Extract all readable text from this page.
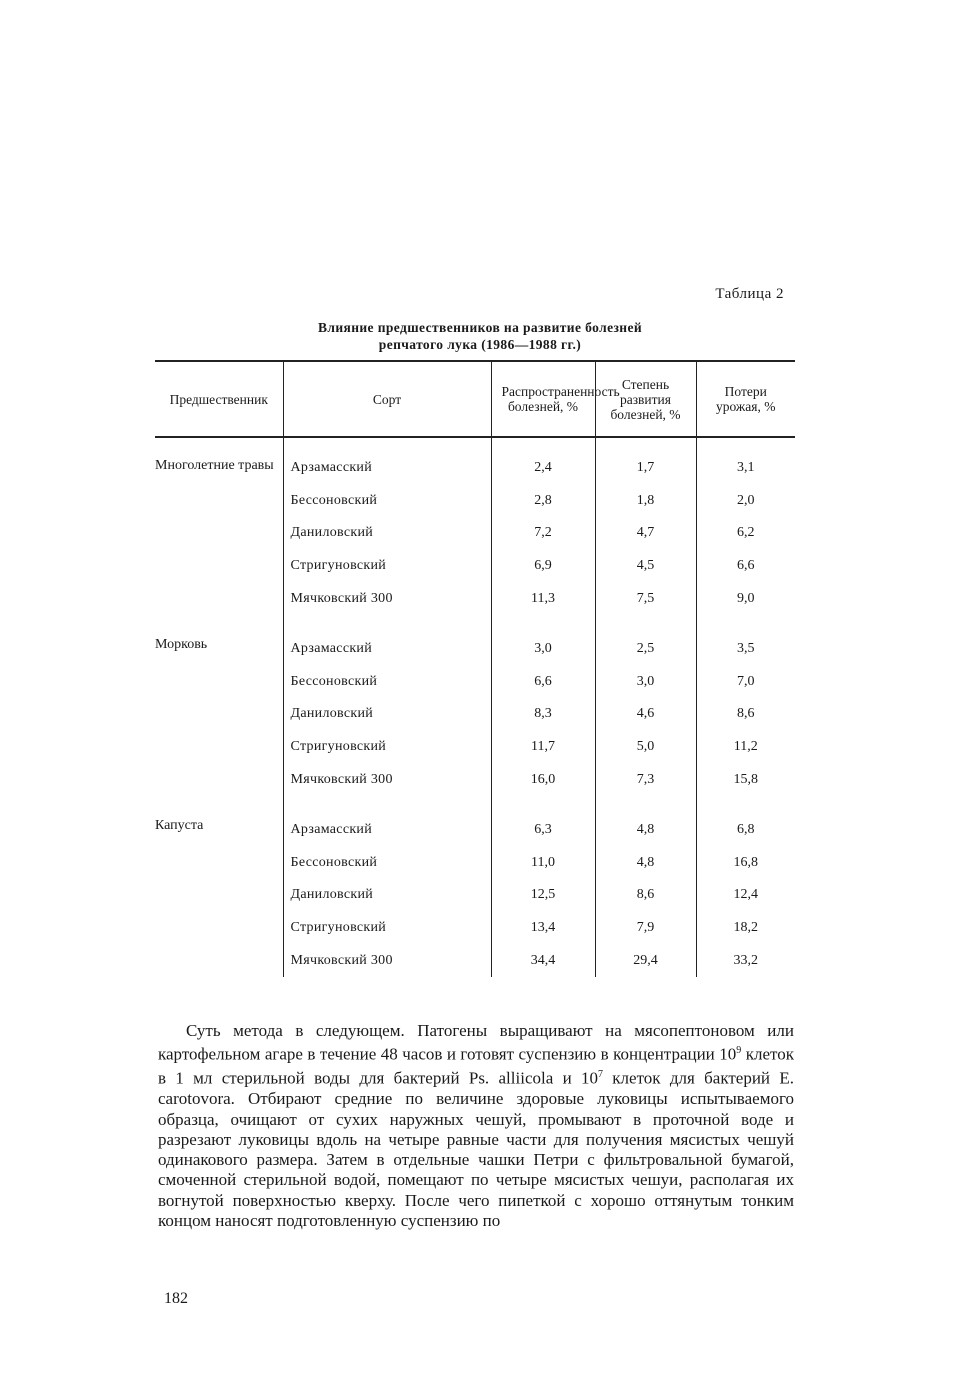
Таблица 2
Влияние предшественников на развитие болезней
репчатого лука (1986—1988 гг.)
Предшественник	Сорт	Распространенность болезней, %	Степень развития болезней, %	Потери урожая, %
Многолетние травы	Арзамасский	2,4	1,7	3,1
	Бессоновский	2,8	1,8	2,0
	Даниловский	7,2	4,7	6,2
	Стригуновский	6,9	4,5	6,6
	Мячковский 300	11,3	7,5	9,0

Морковь	Арзамасский	3,0	2,5	3,5
	Бессоновский	6,6	3,0	7,0
	Даниловский	8,3	4,6	8,6
	Стригуновский	11,7	5,0	11,2
	Мячковский 300	16,0	7,3	15,8

Капуста	Арзамасский	6,3	4,8	6,8
	Бессоновский	11,0	4,8	16,8
	Даниловский	12,5	8,6	12,4
	Стригуновский	13,4	7,9	18,2
	Мячковский 300	34,4	29,4	33,2

Суть метода в следующем. Патогены выращивают на мясопептоновом или картофельном агаре в течение 48 часов и готовят суспензию в концентрации $10^9$ клеток в 1 мл стерильной воды для бактерий Ps. alliicola и $10^7$ клеток для бактерий E. carotovora. Отбирают средние по величине здоровые луковицы испытываемого образца, очищают от сухих наружных чешуй, промывают в проточной воде и разрезают луковицы вдоль на четыре равные части для получения мясистых чешуй одинакового размера. Затем в отдельные чашки Петри с фильтровальной бумагой, смоченной стерильной водой, помещают по четыре мясистых чешуи, располагая их вогнутой поверхностью кверху. После чего пипеткой с хорошо оттянутым тонким концом наносят подготовленную суспензию по

182
